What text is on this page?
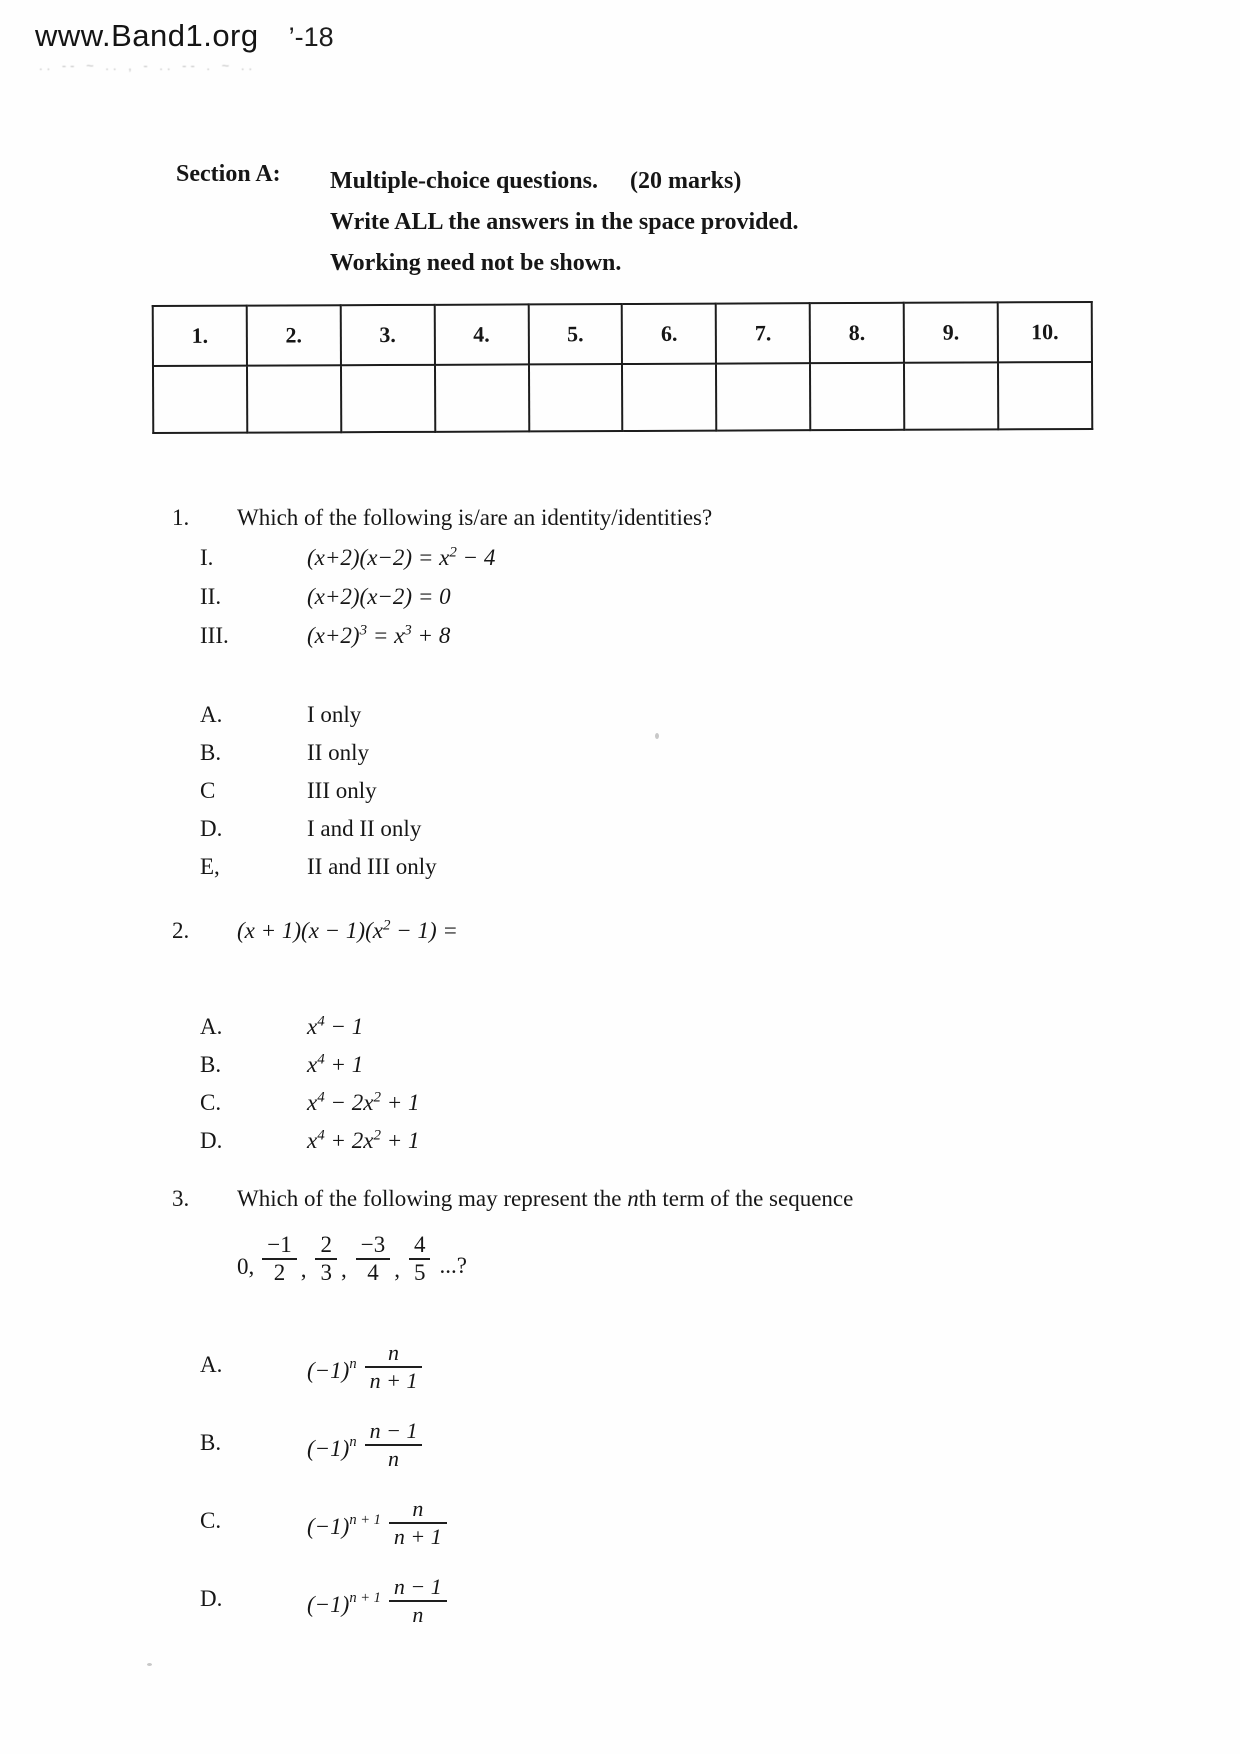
www.Band1.org ’-18
.. -- ~ .​. , - .. -- . ~ ..
Section A:	Multiple-choice questions. (20 marks)
Write ALL the answers in the space provided.
Working need not be shown.
1.	2.	3.	4.	5.	6.	7.	8.	9.	10.

1.	Which of the following is/are an identity/identities?
I.	$(x+2)(x-2) = x^2 - 4$
II.	(x+2)(x−2) = 0
III.	$(x+2)^3 = x^3 + 8$
A.	I only
B.	II only
C	III only
D.	I and II only
E,	II and III only
2.	$(x + 1)(x - 1)(x^2 - 1)$ =
A.	$x^4 - 1$
B.	$x^4 + 1$
C.	$x^4 - 2x^2 + 1$
D.	$x^4 + 2x^2 + 1$
3.	Which of the following may represent the nth term of the sequence
0, $\frac{-1}{2}$ , $\frac{2}{3}$ , $\frac{-3}{4}$ , $\frac{4}{5}$ ...?
A.	$(-1)^n \frac{n}{n + 1}$
B.	$(-1)^n \frac{n - 1}{n}$
C.	$(-1)^{n + 1} \frac{n}{n + 1}$
D.	$(-1)^{n + 1} \frac{n - 1}{n}$
